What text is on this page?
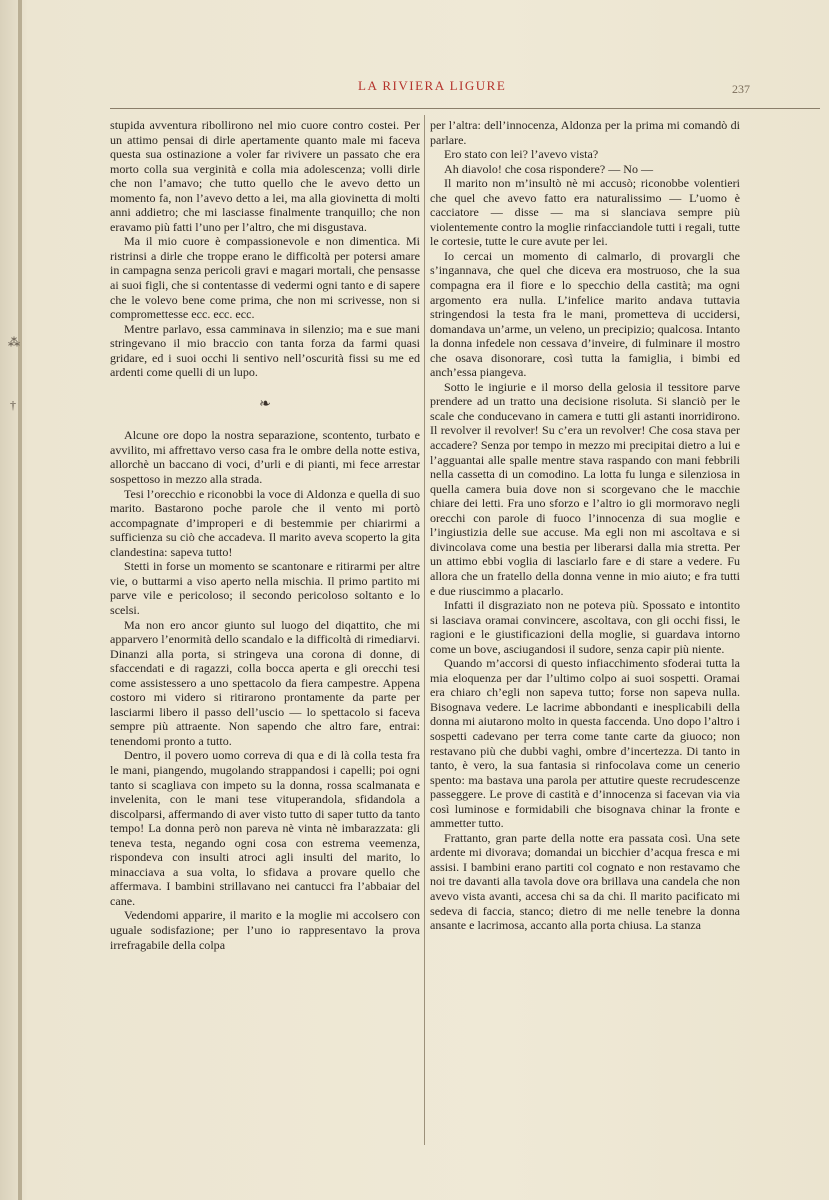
LA RIVIERA LIGURE	237
⁂
†

stupida avventura ribollirono nel mio cuore contro costei. Per un attimo pensai di dirle apertamente quanto male mi faceva questa sua ostinazione a voler far rivivere un passato che era morto colla sua verginità e colla mia adolescenza; volli dirle che non l’amavo; che tutto quello che le avevo detto un momento fa, non l’avevo detto a lei, ma alla giovinetta di molti anni addietro; che mi lasciasse finalmente tranquillo; che non eravamo più fatti l’uno per l’altro, che mi disgustava.

Ma il mio cuore è compassionevole e non dimentica. Mi ristrinsi a dirle che troppe erano le difficoltà per potersi amare in campagna senza pericoli gravi e magari mortali, che pensasse ai suoi figli, che si contentasse di vedermi ogni tanto e di sapere che le volevo bene come prima, che non mi scrivesse, non si compromettesse ecc. ecc. ecc.

Mentre parlavo, essa camminava in silenzio; ma e sue mani stringevano il mio braccio con tanta forza da farmi quasi gridare, ed i suoi occhi li sentivo nell’oscurità fissi su me ed ardenti come quelli di un lupo.

❧

Alcune ore dopo la nostra separazione, scontento, turbato e avvilito, mi affrettavo verso casa fra le ombre della notte estiva, allorchè un baccano di voci, d’urli e di pianti, mi fece arrestar sospettoso in mezzo alla strada.

Tesi l’orecchio e riconobbi la voce di Aldonza e quella di suo marito. Bastarono poche parole che il vento mi portò accompagnate d’improperi e di bestemmie per chiarirmi a sufficienza su ciò che accadeva. Il marito aveva scoperto la gita clandestina: sapeva tutto!

Stetti in forse un momento se scantonare e ritirarmi per altre vie, o buttarmi a viso aperto nella mischia. Il primo partito mi parve vile e pericoloso; il secondo pericoloso soltanto e lo scelsi.

Ma non ero ancor giunto sul luogo del diqattito, che mi apparvero l’enormità dello scandalo e la difficoltà di rimediarvi. Dinanzi alla porta, si stringeva una corona di donne, di sfaccendati e di ragazzi, colla bocca aperta e gli orecchi tesi come assistessero a uno spettacolo da fiera campestre. Appena costoro mi videro si ritirarono prontamente da parte per lasciarmi libero il passo dell’uscio — lo spettacolo si faceva sempre più attraente. Non sapendo che altro fare, entrai: tenendomi pronto a tutto.

Dentro, il povero uomo correva di qua e di là colla testa fra le mani, piangendo, mugolando strappandosi i capelli; poi ogni tanto si scagliava con impeto su la donna, rossa scalmanata e invelenita, con le mani tese vituperandola, sfidandola a discolparsi, affermando di aver visto tutto di saper tutto da tanto tempo! La donna però non pareva nè vinta nè imbarazzata: gli teneva testa, negando ogni cosa con estrema veemenza, rispondeva con insulti atroci agli insulti del marito, lo minacciava a sua volta, lo sfidava a provare quello che affermava. I bambini strillavano nei cantucci fra l’abbaiar del cane.

Vedendomi apparire, il marito e la moglie mi accolsero con uguale sodisfazione; per l’uno io rappresentavo la prova irrefragabile della colpa

per l’altra: dell’innocenza, Aldonza per la prima mi comandò di parlare.

Ero stato con lei? l’avevo vista?

Ah diavolo! che cosa rispondere? — No —

Il marito non m’insultò nè mi accusò; riconobbe volentieri che quel che avevo fatto era naturalissimo — L’uomo è cacciatore — disse — ma si slanciava sempre più violentemente contro la moglie rinfacciandole tutti i regali, tutte le cortesie, tutte le cure avute per lei.

Io cercai un momento di calmarlo, di provargli che s’ingannava, che quel che diceva era mostruoso, che la sua compagna era il fiore e lo specchio della castità; ma ogni argomento era nulla. L’infelice marito andava tuttavia stringendosi la testa fra le mani, prometteva di uccidersi, domandava un’arme, un veleno, un precipizio; qualcosa. Intanto la donna infedele non cessava d’inveire, di fulminare il mostro che osava disonorare, così tutta la famiglia, i bimbi ed anch’essa piangeva.

Sotto le ingiurie e il morso della gelosia il tessitore parve prendere ad un tratto una decisione risoluta. Si slanciò per le scale che conducevano in camera e tutti gli astanti inorridirono. Il revolver il revolver! Su c’era un revolver! Che cosa stava per accadere? Senza por tempo in mezzo mi precipitai dietro a lui e l’agguantai alle spalle mentre stava raspando con mani febbrili nella cassetta di un comodino. La lotta fu lunga e silenziosa in quella camera buia dove non si scorgevano che le macchie chiare dei letti. Fra uno sforzo e l’altro io gli mormoravo negli orecchi con parole di fuoco l’innocenza di sua moglie e l’ingiustizia delle sue accuse. Ma egli non mi ascoltava e si divincolava come una bestia per liberarsi dalla mia stretta. Per un attimo ebbi voglia di lasciarlo fare e di stare a vedere. Fu allora che un fratello della donna venne in mio aiuto; e fra tutti e due riuscimmo a placarlo.

Infatti il disgraziato non ne poteva più. Spossato e intontito si lasciava oramai convincere, ascoltava, con gli occhi fissi, le ragioni e le giustificazioni della moglie, si guardava intorno come un bove, asciugandosi il sudore, senza capir più niente.

Quando m’accorsi di questo infiacchimento sfoderai tutta la mia eloquenza per dar l’ultimo colpo ai suoi sospetti. Oramai era chiaro ch’egli non sapeva tutto; forse non sapeva nulla. Bisognava vedere. Le lacrime abbondanti e inesplicabili della donna mi aiutarono molto in questa faccenda. Uno dopo l’altro i sospetti cadevano per terra come tante carte da giuoco; non restavano più che dubbi vaghi, ombre d’incertezza. Di tanto in tanto, è vero, la sua fantasia si rinfocolava come un cenerio spento: ma bastava una parola per attutire queste recrudescenze passeggere. Le prove di castità e d’innocenza si facevan via via così luminose e formidabili che bisognava chinar la fronte e ammetter tutto.

Frattanto, gran parte della notte era passata così. Una sete ardente mi divorava; domandai un bicchier d’acqua fresca e mi assisi. I bambini erano partiti col cognato e non restavamo che noi tre davanti alla tavola dove ora brillava una candela che non avevo vista avanti, accesa chi sa da chi. Il marito pacificato mi sedeva di faccia, stanco; dietro di me nelle tenebre la donna ansante e lacrimosa, accanto alla porta chiusa. La stanza
